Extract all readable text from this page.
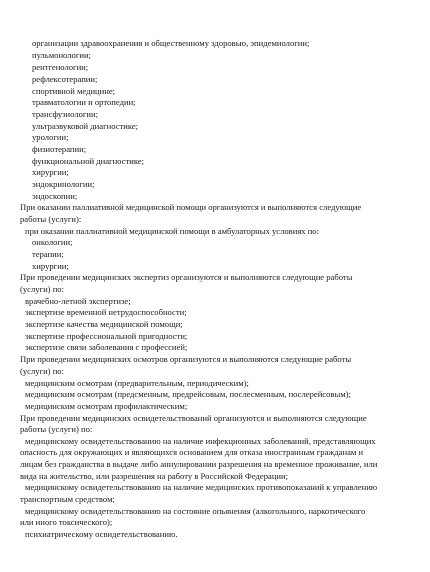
организации здравоохранения и общественному здоровью, эпидемиологии;
пульмонологии;
рентгенологии;
рефлексотерапии;
спортивной медицине;
травматологии и ортопедии;
трансфузиологии;
ультразвуковой диагностике;
урологии;
физиотерапии;
функциональной диагностике;
хирургии;
эндокринологии;
эндоскопии;
При оказании паллиативной медицинской помощи организуются и выполняются следующие
работы (услуги):
при оказании паллиативной медицинской помощи в амбулаторных условиях по:
онкологии;
терапии;
хирургии;
При проведении медицинских экспертиз организуются и выполняются следующие работы
(услуги) по:
врачебно-летной экспертизе;
экспертизе временной нетрудоспособности;
экспертизе качества медицинской помощи;
экспертизе профессиональной пригодности;
экспертизе связи заболевания с профессией;
При проведении медицинских осмотров организуются и выполняются следующие работы
(услуги) по:
медицинским осмотрам (предварительным, периодическим);
медицинским осмотрам (предсменным, предрейсовым, послесменным, послерейсовым);
медицинским осмотрам профилактическим;
При проведении медицинских освидетельствований организуются и выполняются следующие
работы (услуги) по:
медицинскому освидетельствованию на наличие инфекционных заболеваний, представляющих
опасность для окружающих и являющихся основанием для отказа иностранным гражданам и
лицам без гражданства в выдаче либо аннулировании разрешения на временное проживание, или
вида на жительство, или разрешения на работу в Российской Федерации;
медицинскому освидетельствованию на наличие медицинских противопоказаний к управлению
транспортным средством;
медицинскому освидетельствованию на состояние опьянения (алкогольного, наркотического
или иного токсического);
психиатрическому освидетельствованию.
